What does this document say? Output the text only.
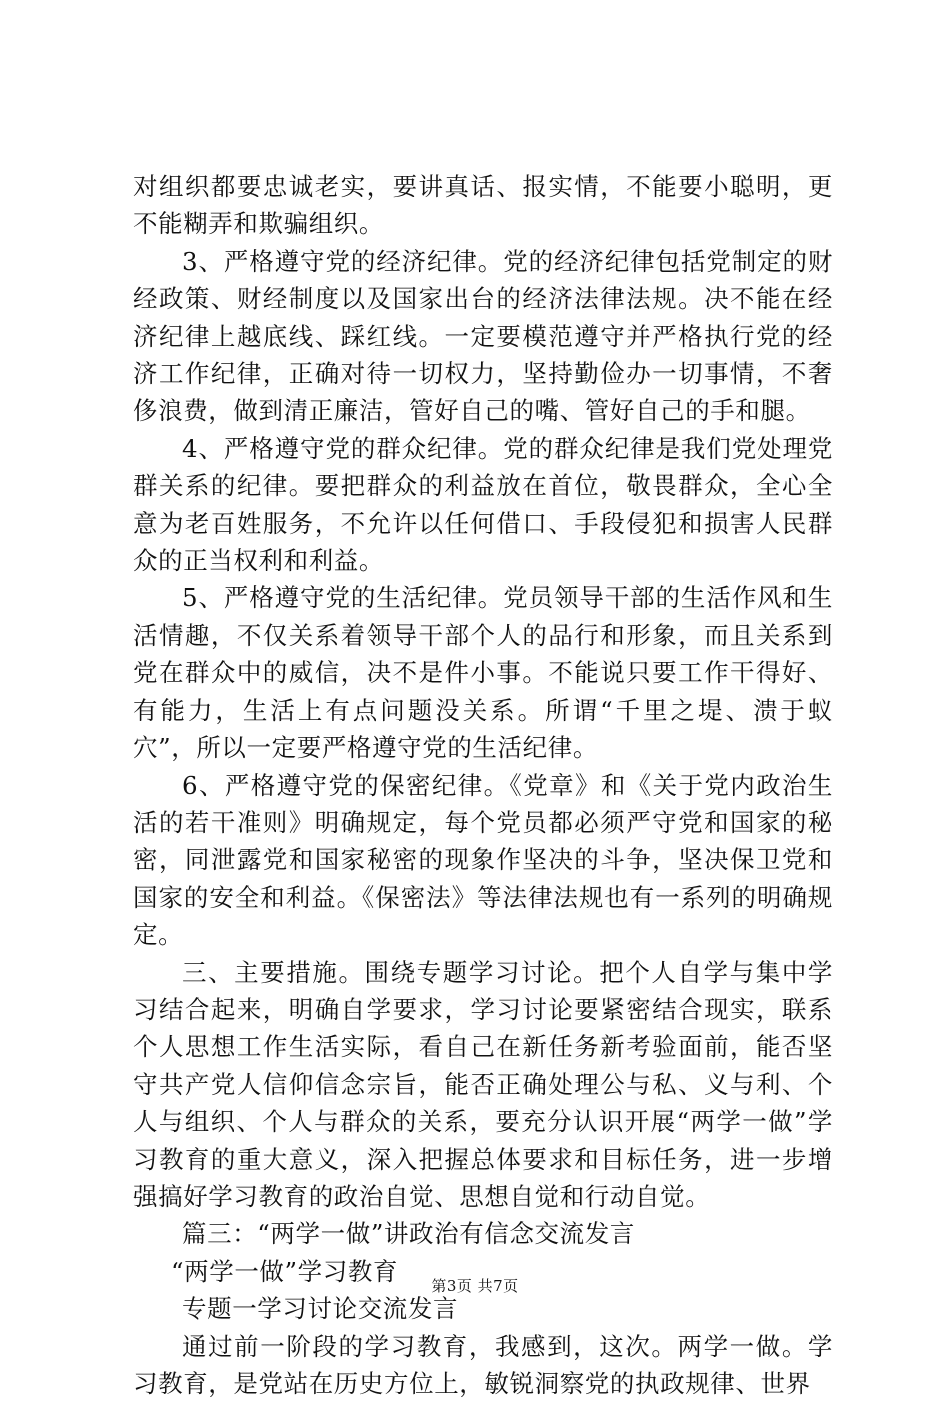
对组织都要忠诚老实，要讲真话、报实情，不能要小聪明，更不能糊弄和欺骗组织。

3、严格遵守党的经济纪律。党的经济纪律包括党制定的财经政策、财经制度以及国家出台的经济法律法规。决不能在经济纪律上越底线、踩红线。一定要模范遵守并严格执行党的经济工作纪律，正确对待一切权力，坚持勤俭办一切事情，不奢侈浪费，做到清正廉洁，管好自己的嘴、管好自己的手和腿。

4、严格遵守党的群众纪律。党的群众纪律是我们党处理党群关系的纪律。要把群众的利益放在首位，敬畏群众，全心全意为老百姓服务，不允许以任何借口、手段侵犯和损害人民群众的正当权利和利益。

5、严格遵守党的生活纪律。党员领导干部的生活作风和生活情趣，不仅关系着领导干部个人的品行和形象，而且关系到党在群众中的威信，决不是件小事。不能说只要工作干得好、有能力，生活上有点问题没关系。所谓“千里之堤、溃于蚁穴”，所以一定要严格遵守党的生活纪律。

6、严格遵守党的保密纪律。《党章》和《关于党内政治生活的若干准则》明确规定，每个党员都必须严守党和国家的秘密，同泄露党和国家秘密的现象作坚决的斗争，坚决保卫党和国家的安全和利益。《保密法》等法律法规也有一系列的明确规定。

三、主要措施。围绕专题学习讨论。把个人自学与集中学习结合起来，明确自学要求，学习讨论要紧密结合现实，联系个人思想工作生活实际，看自己在新任务新考验面前，能否坚守共产党人信仰信念宗旨，能否正确处理公与私、义与利、个人与组织、个人与群众的关系，要充分认识开展“两学一做”学习教育的重大意义，深入把握总体要求和目标任务，进一步增强搞好学习教育的政治自觉、思想自觉和行动自觉。

篇三：“两学一做”讲政治有信念交流发言

“两学一做”学习教育

专题一学习讨论交流发言

通过前一阶段的学习教育，我感到，这次。两学一做。学习教育，是党站在历史方位上，敏锐洞察党的执政规律、世界

第3页 共7页
